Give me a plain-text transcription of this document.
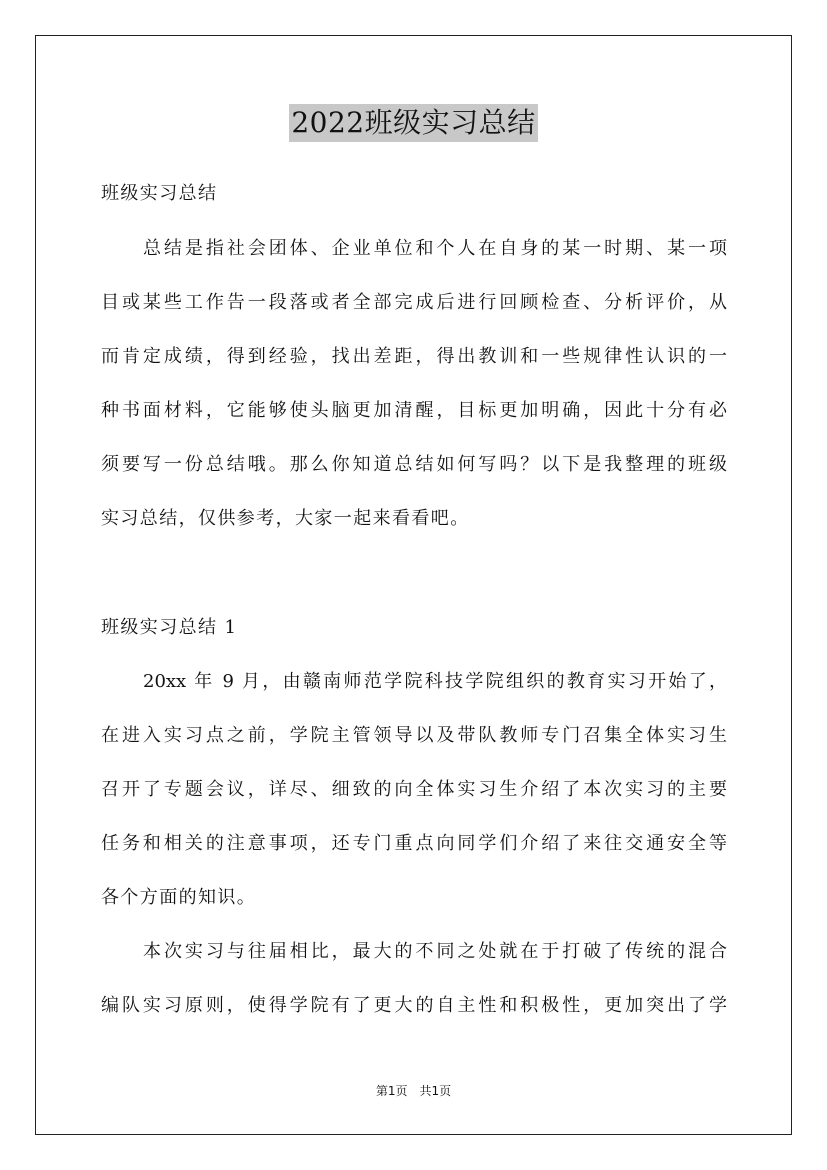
2022班级实习总结
班级实习总结
总结是指社会团体、企业单位和个人在自身的某一时期、某一项
目或某些工作告一段落或者全部完成后进行回顾检查、分析评价，从
而肯定成绩，得到经验，找出差距，得出教训和一些规律性认识的一
种书面材料，它能够使头脑更加清醒，目标更加明确，因此十分有必
须要写一份总结哦。那么你知道总结如何写吗？以下是我整理的班级
实习总结，仅供参考，大家一起来看看吧。
班级实习总结 1
20xx 年 9 月，由赣南师范学院科技学院组织的教育实习开始了，
在进入实习点之前，学院主管领导以及带队教师专门召集全体实习生
召开了专题会议，详尽、细致的向全体实习生介绍了本次实习的主要
任务和相关的注意事项，还专门重点向同学们介绍了来往交通安全等
各个方面的知识。
本次实习与往届相比，最大的不同之处就在于打破了传统的混合
编队实习原则，使得学院有了更大的自主性和积极性，更加突出了学
第1页　共1页
